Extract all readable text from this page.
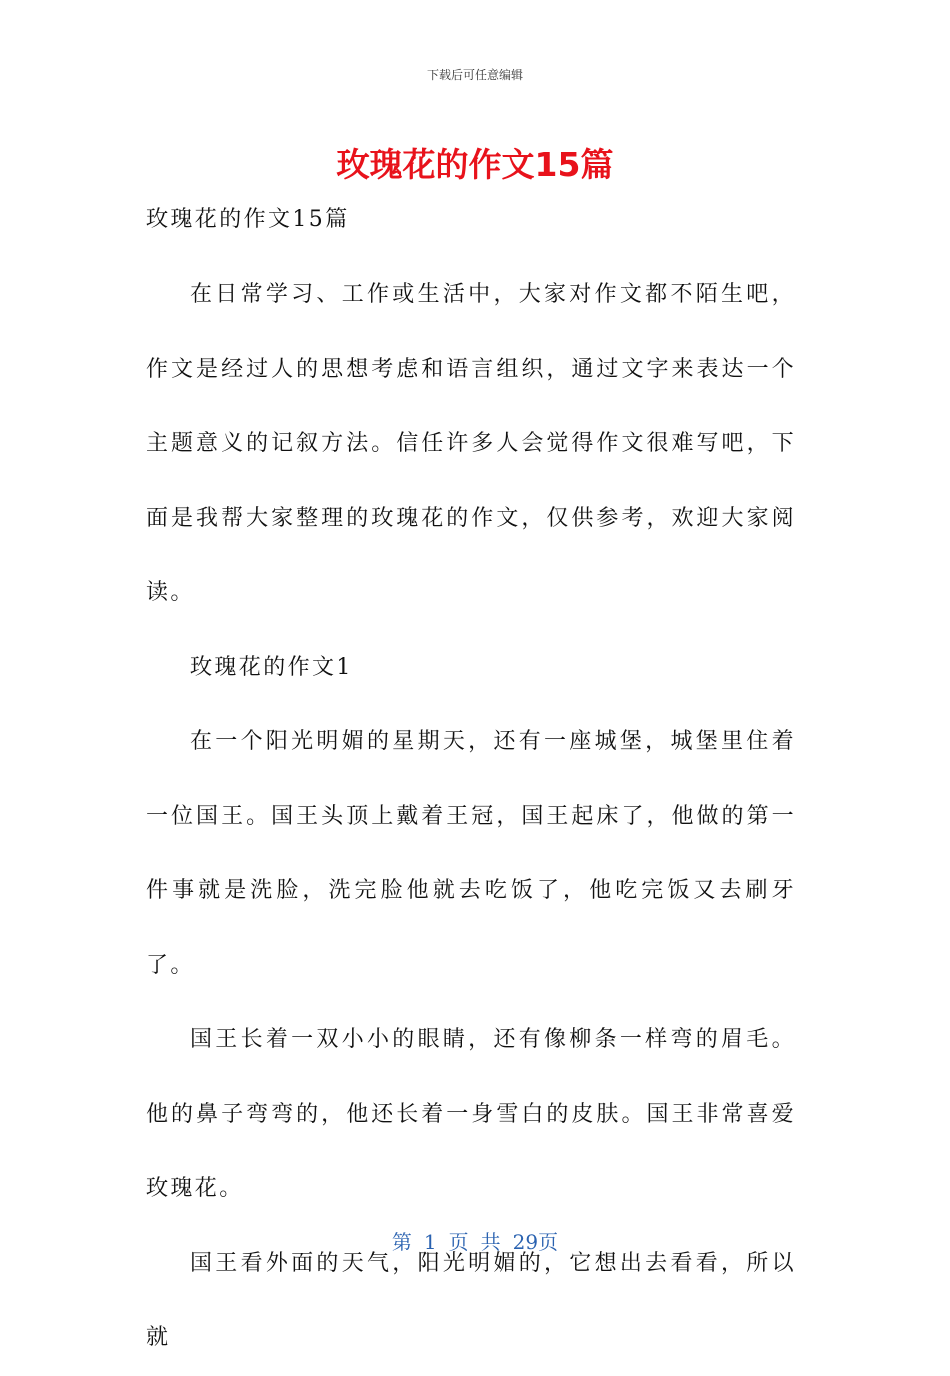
下载后可任意编辑
玫瑰花的作文15篇
玫瑰花的作文15篇

在日常学习、工作或生活中，大家对作文都不陌生吧，作文是经过人的思想考虑和语言组织，通过文字来表达一个主题意义的记叙方法。信任许多人会觉得作文很难写吧，下面是我帮大家整理的玫瑰花的作文，仅供参考，欢迎大家阅读。

玫瑰花的作文1

在一个阳光明媚的星期天，还有一座城堡，城堡里住着一位国王。国王头顶上戴着王冠，国王起床了，他做的第一件事就是洗脸，洗完脸他就去吃饭了，他吃完饭又去刷牙了。

国王长着一双小小的眼睛，还有像柳条一样弯的眉毛。他的鼻子弯弯的，他还长着一身雪白的皮肤。国王非常喜爱玫瑰花。

国王看外面的天气，阳光明媚的，它想出去看看，所以就

第 1 页 共 29页
